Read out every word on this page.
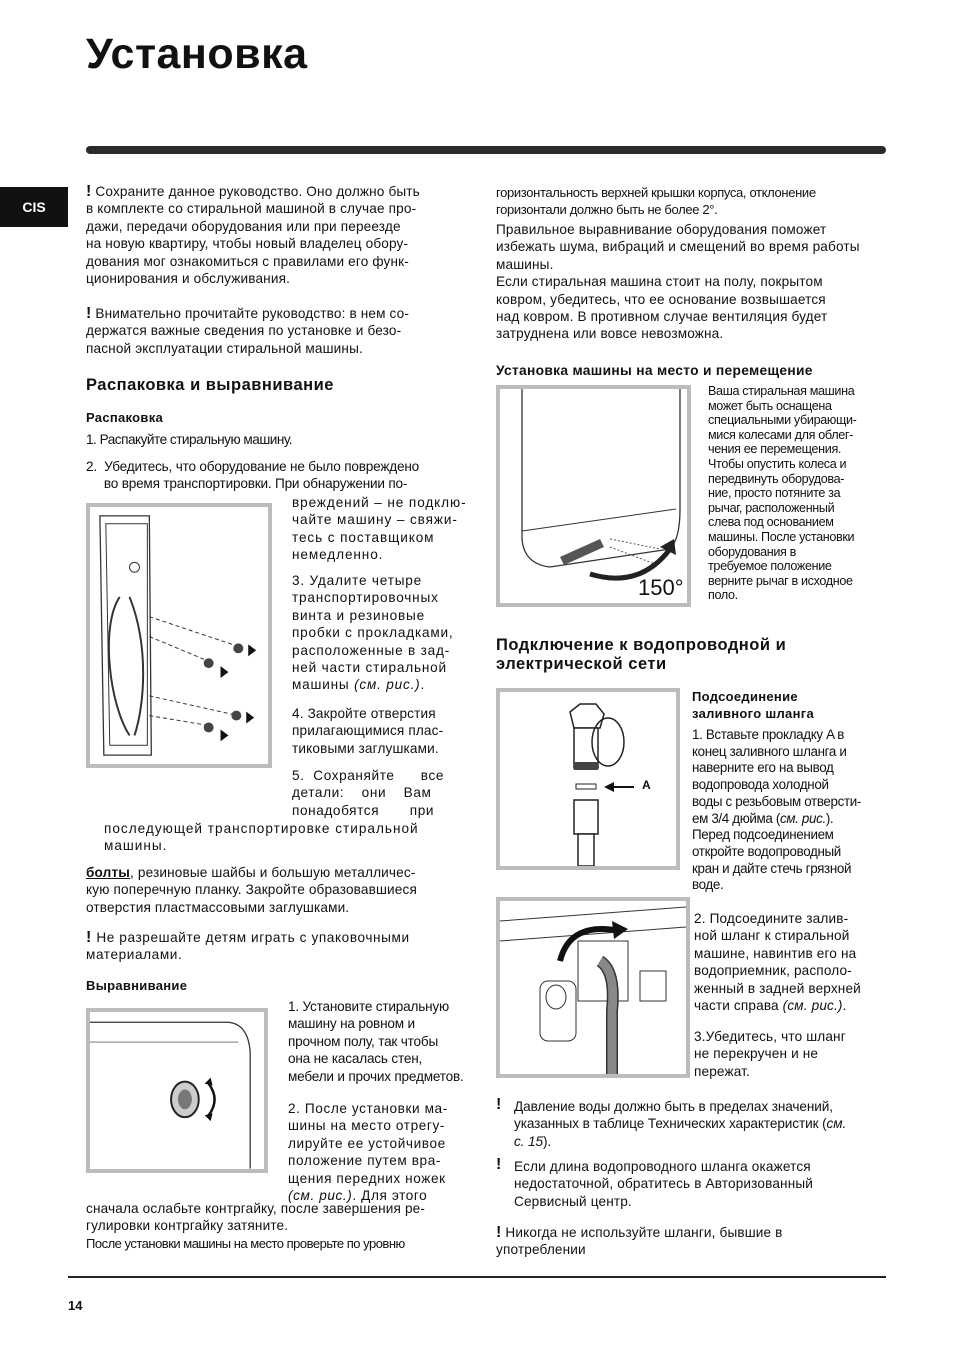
Установка
CIS
! Сохраните данное руководство. Оно должно быть
в комплекте со стиральной машиной в случае про-
дажи, передачи оборудования или при переезде
на новую квартиру, чтобы новый владелец обору-
дования мог ознакомиться с правилами его функ-
ционирования и обслуживания.
! Внимательно прочитайте руководство: в нем со-
держатся важные сведения по установке и безо-
пасной эксплуатации стиральной машины.
Распаковка и выравнивание
Распаковка
1. Распакуйте стиральную машину.
2.  Убедитесь, что оборудование не было повреждено
во время транспортировки. При обнаружении по-
вреждений – не подклю-
чайте машину – свяжи-
тесь с поставщиком
немедленно.
3. Удалите четыре
транспортировочных
винта и резиновые
пробки с прокладками,
расположенные в зад-
ней части стиральной
машины (см. рис.).
4. Закройте отверстия
прилагающимися плас-
тиковыми заглушками.
5.  Сохраняйте      все
детали:    они    Вам
понадобятся       при
последующей транспортировке стиральной
машины.
болты, резиновые шайбы и большую металличес-
кую поперечную планку. Закройте образовавшиеся
отверстия пластмассовыми заглушками.
! Не разрешайте детям играть с упаковочными
материалами.
Выравнивание
1. Установите стиральную
машину на ровном и
прочном полу, так чтобы
она не касалась стен,
мебели и прочих предметов.
2. После установки ма-
шины на место отрегу-
лируйте ее устойчивое
положение путем вра-
щения передних ножек
(см. рис.). Для этого
сначала ослабьте контргайку, после завершения ре-
гулировки контргайку затяните.
После установки машины на место проверьте по уровню
горизонтальность верхней крышки корпуса, отклонение
горизонтали должно быть не более 2°.
Правильное выравнивание оборудования поможет
избежать шума, вибраций и смещений во время работы
машины.
Если стиральная машина стоит на полу, покрытом
ковром, убедитесь, что ее основание возвышается
над ковром. В противном случае вентиляция будет
затруднена или вовсе невозможна.
Установка машины на место и перемещение
150°
Ваша стиральная машина
может быть оснащена
специальными убирающи-
мися колесами для облег-
чения ее перемещения.
Чтобы опустить колеса и
передвинуть оборудова-
ние, просто потяните за
рычаг, расположенный
слева под основанием
машины. После установки
оборудования в
требуемое положение
верните рычаг в исходное
поло.
Подключение к водопроводной и
электрической сети
A
Подсоединение
заливного шланга
1. Вставьте прокладку A в
конец заливного шланга и
наверните его на вывод
водопровода холодной
воды с резьбовым отверсти-
ем 3/4 дюйма (см. рис.).
Перед подсоединением
откройте водопроводный
кран и дайте стечь грязной
воде.
2. Подсоедините залив-
ной шланг к стиральной
машине, навинтив его на
водоприемник, располо-
женный в задней верхней
части справа (см. рис.).
3.Убедитесь, что шланг
не перекручен и не
пережат.
! Давление воды должно быть в пределах значений,
указанных в таблице Технических характеристик (см.
с. 15).
! Если длина водопроводного шланга окажется
недостаточной, обратитесь в Авторизованный
Сервисный центр.
! Никогда не используйте шланги, бывшие в
употреблении
14
